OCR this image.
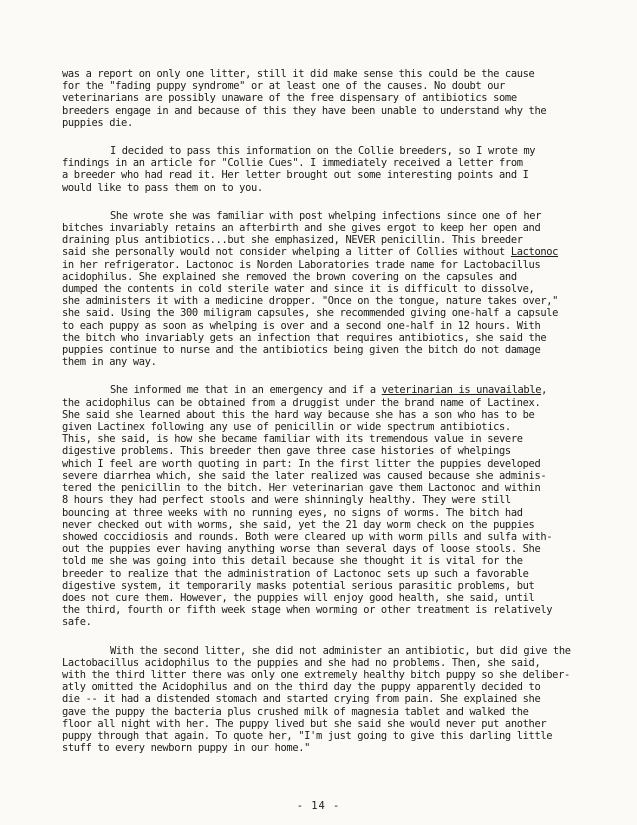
was a report on only one litter, still it did make sense this could be the cause
for the "fading puppy syndrome" or at least one of the causes. No doubt our
veterinarians are possibly unaware of the free dispensary of antibiotics some
breeders engage in and because of this they have been unable to understand why the
puppies die.
I decided to pass this information on the Collie breeders, so I wrote my
findings in an article for "Collie Cues". I immediately received a letter from
a breeder who had read it. Her letter brought out some interesting points and I
would like to pass them on to you.
She wrote she was familiar with post whelping infections since one of her
bitches invariably retains an afterbirth and she gives ergot to keep her open and
draining plus antibiotics...but she emphasized, NEVER penicillin. This breeder
said she personally would not consider whelping a litter of Collies without Lactonoc
in her refrigerator. Lactonoc is Norden Laboratories trade name for Lactobacillus
acidophilus. She explained she removed the brown covering on the capsules and
dumped the contents in cold sterile water and since it is difficult to dissolve,
she administers it with a medicine dropper. "Once on the tongue, nature takes over,"
she said. Using the 300 miligram capsules, she recommended giving one-half a capsule
to each puppy as soon as whelping is over and a second one-half in 12 hours. With
the bitch who invariably gets an infection that requires antibiotics, she said the
puppies continue to nurse and the antibiotics being given the bitch do not damage
them in any way.
She informed me that in an emergency and if a veterinarian is unavailable,
the acidophilus can be obtained from a druggist under the brand name of Lactinex.
She said she learned about this the hard way because she has a son who has to be
given Lactinex following any use of penicillin or wide spectrum antibiotics.
This, she said, is how she became familiar with its tremendous value in severe
digestive problems. This breeder then gave three case histories of whelpings
which I feel are worth quoting in part: In the first litter the puppies developed
severe diarrhea which, she said the later realized was caused because she adminis-
tered the penicillin to the bitch. Her veterinarian gave them Lactonoc and within
8 hours they had perfect stools and were shinningly healthy. They were still
bouncing at three weeks with no running eyes, no signs of worms. The bitch had
never checked out with worms, she said, yet the 21 day worm check on the puppies
showed coccidiosis and rounds. Both were cleared up with worm pills and sulfa with-
out the puppies ever having anything worse than several days of loose stools. She
told me she was going into this detail because she thought it is vital for the
breeder to realize that the administration of Lactonoc sets up such a favorable
digestive system, it temporarily masks potential serious parasitic problems, but
does not cure them. However, the puppies will enjoy good health, she said, until
the third, fourth or fifth week stage when worming or other treatment is relatively
safe.
With the second litter, she did not administer an antibiotic, but did give the
Lactobacillus acidophilus to the puppies and she had no problems. Then, she said,
with the third litter there was only one extremely healthy bitch puppy so she deliber-
atly omitted the Acidophilus and on the third day the puppy apparently decided to
die -- it had a distended stomach and started crying from pain. She explained she
gave the puppy the bacteria plus crushed milk of magnesia tablet and walked the
floor all night with her. The puppy lived but she said she would never put another
puppy through that again. To quote her, "I'm just going to give this darling little
stuff to every newborn puppy in our home."
- 14 -
